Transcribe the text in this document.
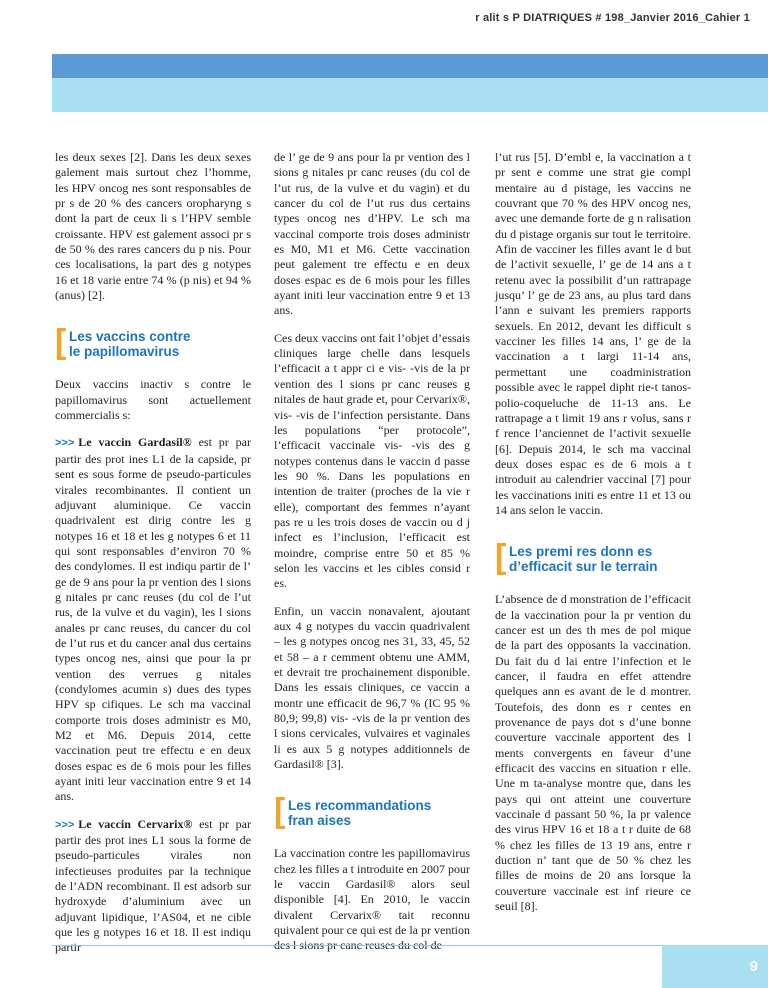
r alit s P DIATRIQUES # 198_Janvier 2016_Cahier 1

les deux sexes [2]. Dans les deux sexes galement mais surtout chez l’homme, les HPV oncog nes sont responsables de pr s de 20 % des cancers oropharyng s dont la part de ceux li s l’HPV semble croissante. HPV est galement associ pr s de 50 % des rares cancers du p nis. Pour ces localisations, la part des g notypes 16 et 18 varie entre 74 % (p nis) et 94 % (anus) [2].

[ Les vaccins contre
le papillomavirus

Deux vaccins inactiv s contre le papillomavirus sont actuellement commercialis s:

>>> Le vaccin Gardasil® est pr par partir des prot ines L1 de la capside, pr sent es sous forme de pseudo-particules virales recombinantes. Il contient un adjuvant aluminique. Ce vaccin quadrivalent est dirig contre les g notypes 16 et 18 et les g notypes 6 et 11 qui sont responsables d’environ 70 % des condylomes. Il est indiqu partir de l’ ge de 9 ans pour la pr vention des l sions g nitales pr canc reuses (du col de l’ut rus, de la vulve et du vagin), les l sions anales pr canc reuses, du cancer du col de l’ut rus et du cancer anal dus certains types oncog nes, ainsi que pour la pr vention des verrues g nitales (condylomes acumin s) dues des types HPV sp cifiques. Le sch ma vaccinal comporte trois doses administr es M0, M2 et M6. Depuis 2014, cette vaccination peut tre effectu e en deux doses espac es de 6 mois pour les filles ayant initi leur vaccination entre 9 et 14 ans.

>>> Le vaccin Cervarix® est pr par partir des prot ines L1 sous la forme de pseudo-particules virales non infectieuses produites par la technique de l’ADN recombinant. Il est adsorb sur hydroxyde d’aluminium avec un adjuvant lipidique, l’AS04, et ne cible que les g notypes 16 et 18. Il est indiqu partir

de l’ ge de 9 ans pour la pr vention des l sions g nitales pr canc reuses (du col de l’ut rus, de la vulve et du vagin) et du cancer du col de l’ut rus dus certains types oncog nes d’HPV. Le sch ma vaccinal comporte trois doses administr es M0, M1 et M6. Cette vaccination peut galement tre effectu e en deux doses espac es de 6 mois pour les filles ayant initi leur vaccination entre 9 et 13 ans.

Ces deux vaccins ont fait l’objet d’essais cliniques large chelle dans lesquels l’efficacit a t appr ci e vis- -vis de la pr vention des l sions pr canc reuses g nitales de haut grade et, pour Cervarix®, vis- -vis de l’infection persistante. Dans les populations “per protocole”, l’efficacit vaccinale vis- -vis des g notypes contenus dans le vaccin d passe les 90 %. Dans les populations en intention de traiter (proches de la vie r elle), comportant des femmes n’ayant pas re u les trois doses de vaccin ou d j infect es l’inclusion, l’efficacit est moindre, comprise entre 50 et 85 % selon les vaccins et les cibles consid r es.

Enfin, un vaccin nonavalent, ajoutant aux 4 g notypes du vaccin quadrivalent – les g notypes oncog nes 31, 33, 45, 52 et 58 – a r cemment obtenu une AMM, et devrait tre prochainement disponible. Dans les essais cliniques, ce vaccin a montr une efficacit de 96,7 % (IC 95 % 80,9; 99,8) vis- -vis de la pr vention des l sions cervicales, vulvaires et vaginales li es aux 5 g notypes additionnels de Gardasil® [3].

[ Les recommandations
fran aises

La vaccination contre les papillomavirus chez les filles a t introduite en 2007 pour le vaccin Gardasil® alors seul disponible [4]. En 2010, le vaccin divalent Cervarix® tait reconnu quivalent pour ce qui est de la pr vention des l sions pr canc reuses du col de

l’ut rus [5]. D’embl e, la vaccination a t pr sent e comme une strat gie compl mentaire au d pistage, les vaccins ne couvrant que 70 % des HPV oncog nes, avec une demande forte de g n ralisation du d pistage organis sur tout le territoire. Afin de vacciner les filles avant le d but de l’activit sexuelle, l’ ge de 14 ans a t retenu avec la possibilit d’un rattrapage jusqu’ l’ ge de 23 ans, au plus tard dans l’ann e suivant les premiers rapports sexuels. En 2012, devant les difficult s vacciner les filles 14 ans, l’ ge de la vaccination a t largi 11-14 ans, permettant une coadministration possible avec le rappel dipht rie-t tanos-polio-coqueluche de 11-13 ans. Le rattrapage a t limit 19 ans r volus, sans r f rence l’anciennet de l’activit sexuelle [6]. Depuis 2014, le sch ma vaccinal deux doses espac es de 6 mois a t introduit au calendrier vaccinal [7] pour les vaccinations initi es entre 11 et 13 ou 14 ans selon le vaccin.

[ Les premi res donn es
d’efficacit sur le terrain

L’absence de d monstration de l’efficacit de la vaccination pour la pr vention du cancer est un des th mes de pol mique de la part des opposants la vaccination. Du fait du d lai entre l’infection et le cancer, il faudra en effet attendre quelques ann es avant de le d montrer. Toutefois, des donn es r centes en provenance de pays dot s d’une bonne couverture vaccinale apportent des l ments convergents en faveur d’une efficacit des vaccins en situation r elle. Une m ta-analyse montre que, dans les pays qui ont atteint une couverture vaccinale d passant 50 %, la pr valence des virus HPV 16 et 18 a t r duite de 68 % chez les filles de 13 19 ans, entre r duction n’ tant que de 50 % chez les filles de moins de 20 ans lorsque la couverture vaccinale est inf rieure ce seuil [8].

9
